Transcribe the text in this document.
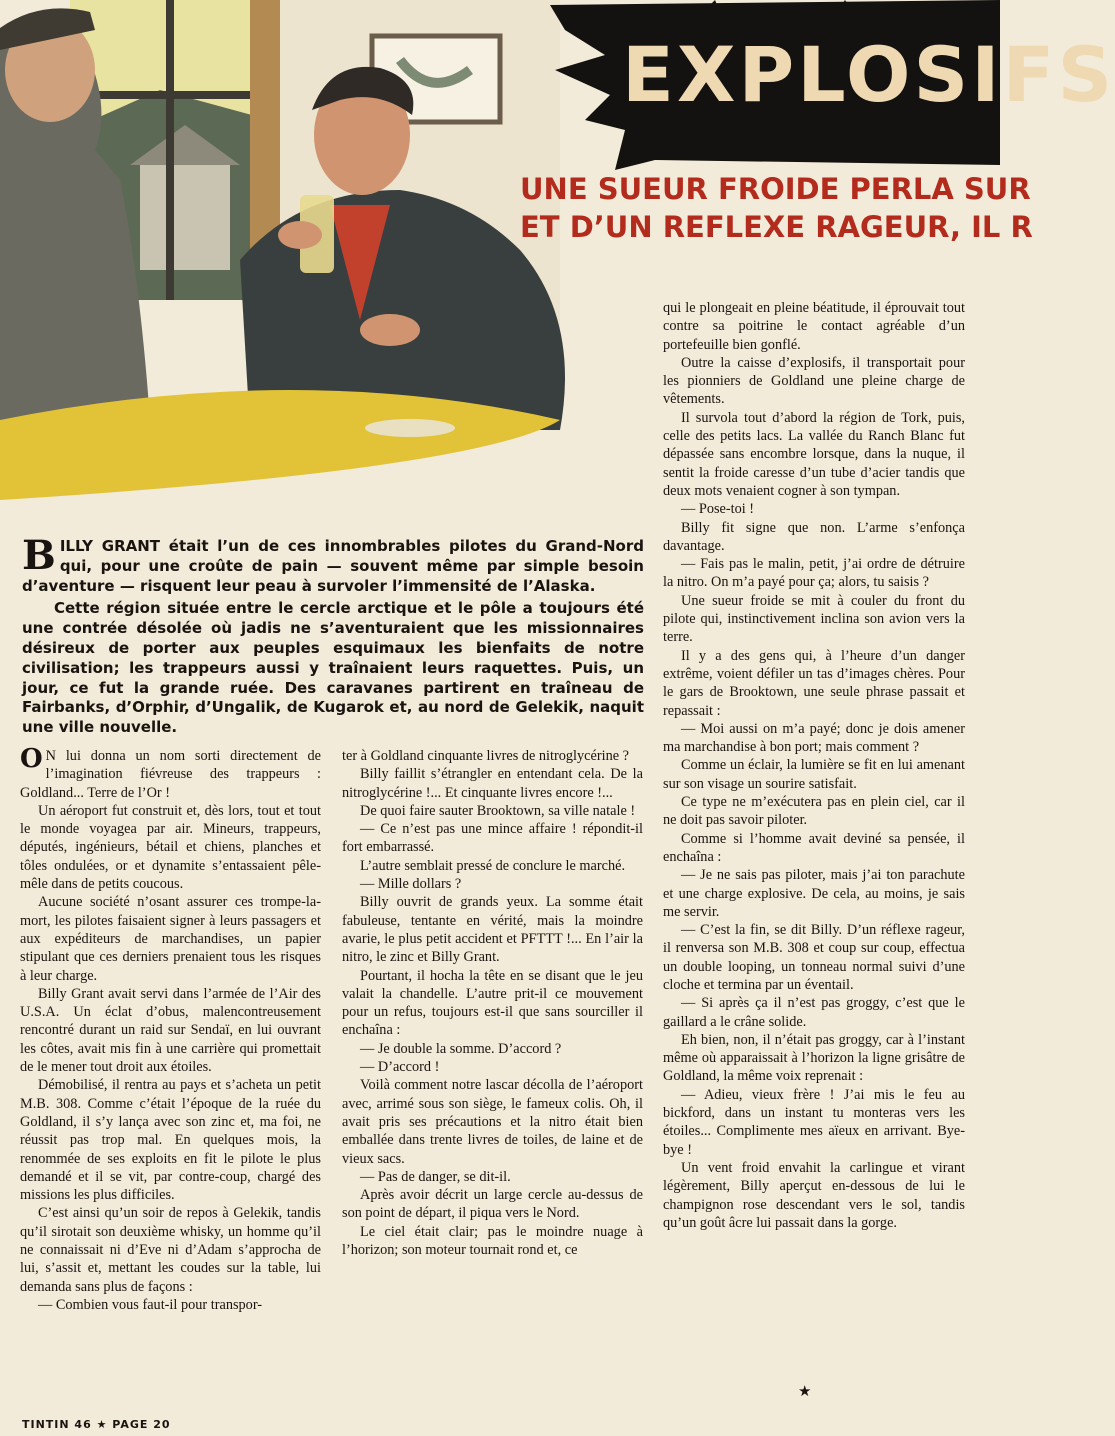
EXPLOSIFS
UNE SUEUR FROIDE PERLA SUR
ET D’UN REFLEXE RAGEUR, IL R

qui le plongeait en pleine béatitude, il éprouvait tout contre sa poitrine le contact agréable d’un portefeuille bien gonflé.

Outre la caisse d’explosifs, il transportait pour les pionniers de Goldland une pleine charge de vêtements.

Il survola tout d’abord la région de Tork, puis, celle des petits lacs. La vallée du Ranch Blanc fut dépassée sans encombre lorsque, dans la nuque, il sentit la froide caresse d’un tube d’acier tandis que deux mots venaient cogner à son tympan.

— Pose-toi !

Billy fit signe que non. L’arme s’enfonça davantage.

— Fais pas le malin, petit, j’ai ordre de détruire la nitro. On m’a payé pour ça; alors, tu saisis ?

Une sueur froide se mit à couler du front du pilote qui, instinctivement inclina son avion vers la terre.

Il y a des gens qui, à l’heure d’un danger extrême, voient défiler un tas d’images chères. Pour le gars de Brooktown, une seule phrase passait et repassait :

— Moi aussi on m’a payé; donc je dois amener ma marchandise à bon port; mais comment ?

Comme un éclair, la lumière se fit en lui amenant sur son visage un sourire satisfait.

Ce type ne m’exécutera pas en plein ciel, car il ne doit pas savoir piloter.

Comme si l’homme avait deviné sa pensée, il enchaîna :

— Je ne sais pas piloter, mais j’ai ton parachute et une charge explosive. De cela, au moins, je sais me servir.

— C’est la fin, se dit Billy. D’un réflexe rageur, il renversa son M.B. 308 et coup sur coup, effectua un double looping, un tonneau normal suivi d’une cloche et termina par un éventail.

— Si après ça il n’est pas groggy, c’est que le gaillard a le crâne solide.

Eh bien, non, il n’était pas groggy, car à l’instant même où apparaissait à l’horizon la ligne grisâtre de Goldland, la même voix reprenait :

— Adieu, vieux frère ! J’ai mis le feu au bickford, dans un instant tu monteras vers les étoiles... Complimente mes aïeux en arrivant. Bye-bye !

Un vent froid envahit la carlingue et virant légèrement, Billy aperçut en-dessous de lui le champignon rose descendant vers le sol, tandis qu’un goût âcre lui passait dans la gorge.

BILLY GRANT était l’un de ces innombrables pilotes du Grand-Nord qui, pour une croûte de pain — souvent même par simple besoin d’aventure — risquent leur peau à survoler l’immensité de l’Alaska.

Cette région située entre le cercle arctique et le pôle a toujours été une contrée désolée où jadis ne s’aventuraient que les missionnaires désireux de porter aux peuples esquimaux les bienfaits de notre civilisation; les trappeurs aussi y traînaient leurs raquettes. Puis, un jour, ce fut la grande ruée. Des caravanes partirent en traîneau de Fairbanks, d’Orphir, d’Ungalik, de Kugarok et, au nord de Gelekik, naquit une ville nouvelle.

O N lui donna un nom sorti directement de l’imagination fiévreuse des trappeurs : Goldland... Terre de l’Or !

Un aéroport fut construit et, dès lors, tout et tout le monde voyagea par air. Mineurs, trappeurs, députés, ingénieurs, bétail et chiens, planches et tôles ondulées, or et dynamite s’entassaient pêle-mêle dans de petits coucous.

Aucune société n’osant assurer ces trompe-la-mort, les pilotes faisaient signer à leurs passagers et aux expéditeurs de marchandises, un papier stipulant que ces derniers prenaient tous les risques à leur charge.

Billy Grant avait servi dans l’armée de l’Air des U.S.A. Un éclat d’obus, malencontreusement rencontré durant un raid sur Sendaï, en lui ouvrant les côtes, avait mis fin à une carrière qui promettait de le mener tout droit aux étoiles.

Démobilisé, il rentra au pays et s’acheta un petit M.B. 308. Comme c’était l’époque de la ruée du Goldland, il s’y lança avec son zinc et, ma foi, ne réussit pas trop mal. En quelques mois, la renommée de ses exploits en fit le pilote le plus demandé et il se vit, par contre-coup, chargé des missions les plus difficiles.

C’est ainsi qu’un soir de repos à Gelekik, tandis qu’il sirotait son deuxième whisky, un homme qu’il ne connaissait ni d’Eve ni d’Adam s’approcha de lui, s’assit et, mettant les coudes sur la table, lui demanda sans plus de façons :

— Combien vous faut-il pour transpor-

ter à Goldland cinquante livres de nitroglycérine ?

Billy faillit s’étrangler en entendant cela. De la nitroglycérine !... Et cinquante livres encore !...

De quoi faire sauter Brooktown, sa ville natale !

— Ce n’est pas une mince affaire ! répondit-il fort embarrassé.

L’autre semblait pressé de conclure le marché.

— Mille dollars ?

Billy ouvrit de grands yeux. La somme était fabuleuse, tentante en vérité, mais la moindre avarie, le plus petit accident et PFTTT !... En l’air la nitro, le zinc et Billy Grant.

Pourtant, il hocha la tête en se disant que le jeu valait la chandelle. L’autre prit-il ce mouvement pour un refus, toujours est-il que sans sourciller il enchaîna :

— Je double la somme. D’accord ?

— D’accord !

Voilà comment notre lascar décolla de l’aéroport avec, arrimé sous son siège, le fameux colis. Oh, il avait pris ses précautions et la nitro était bien emballée dans trente livres de toiles, de laine et de vieux sacs.

— Pas de danger, se dit-il.

Après avoir décrit un large cercle au-dessus de son point de départ, il piqua vers le Nord.

Le ciel était clair; pas le moindre nuage à l’horizon; son moteur tournait rond et, ce

★
TINTIN 46 ★ PAGE 20
